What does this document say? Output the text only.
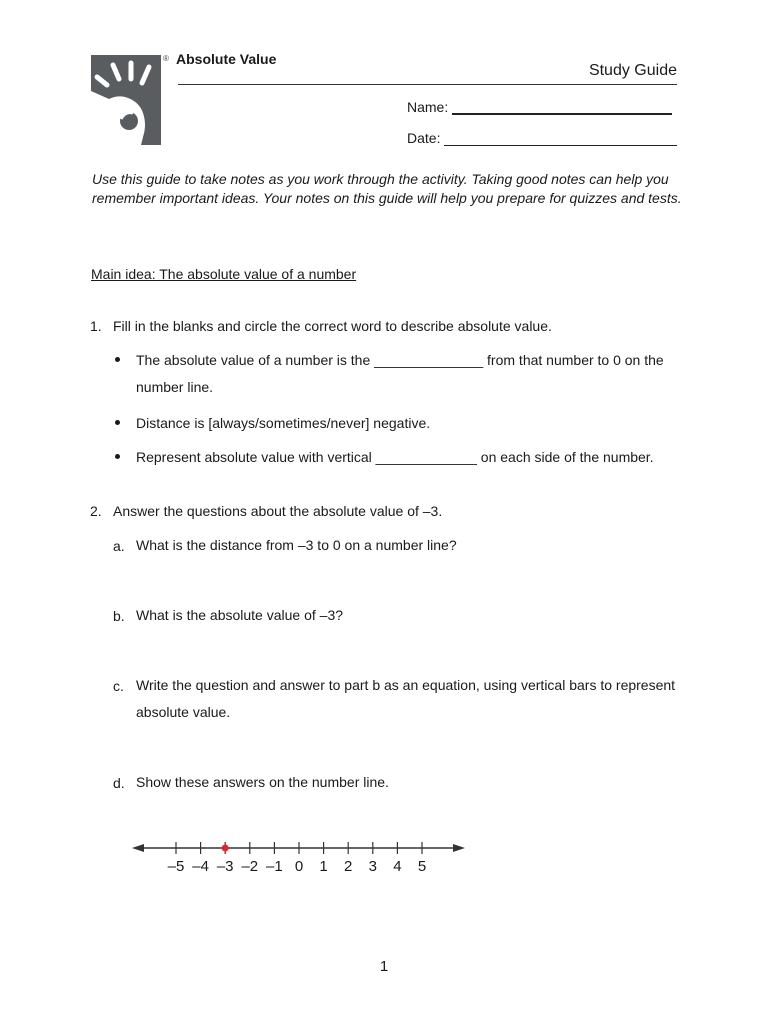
® Absolute Value
Study Guide
Name:
Date:
Use this guide to take notes as you work through the activity. Taking good notes can help you remember important ideas. Your notes on this guide will help you prepare for quizzes and tests.
Main idea: The absolute value of a number
1. Fill in the blanks and circle the correct word to describe absolute value.
The absolute value of a number is the ______________ from that number to 0 on the number line.
Distance is [always/sometimes/never] negative.
Represent absolute value with vertical _____________ on each side of the number.
2. Answer the questions about the absolute value of –3.
a. What is the distance from –3 to 0 on a number line?
b. What is the absolute value of –3?
c. Write the question and answer to part b as an equation, using vertical bars to represent absolute value.
d. Show these answers on the number line.
–5 –4 –3 –2 –1 0 1 2 3 4 5
1
